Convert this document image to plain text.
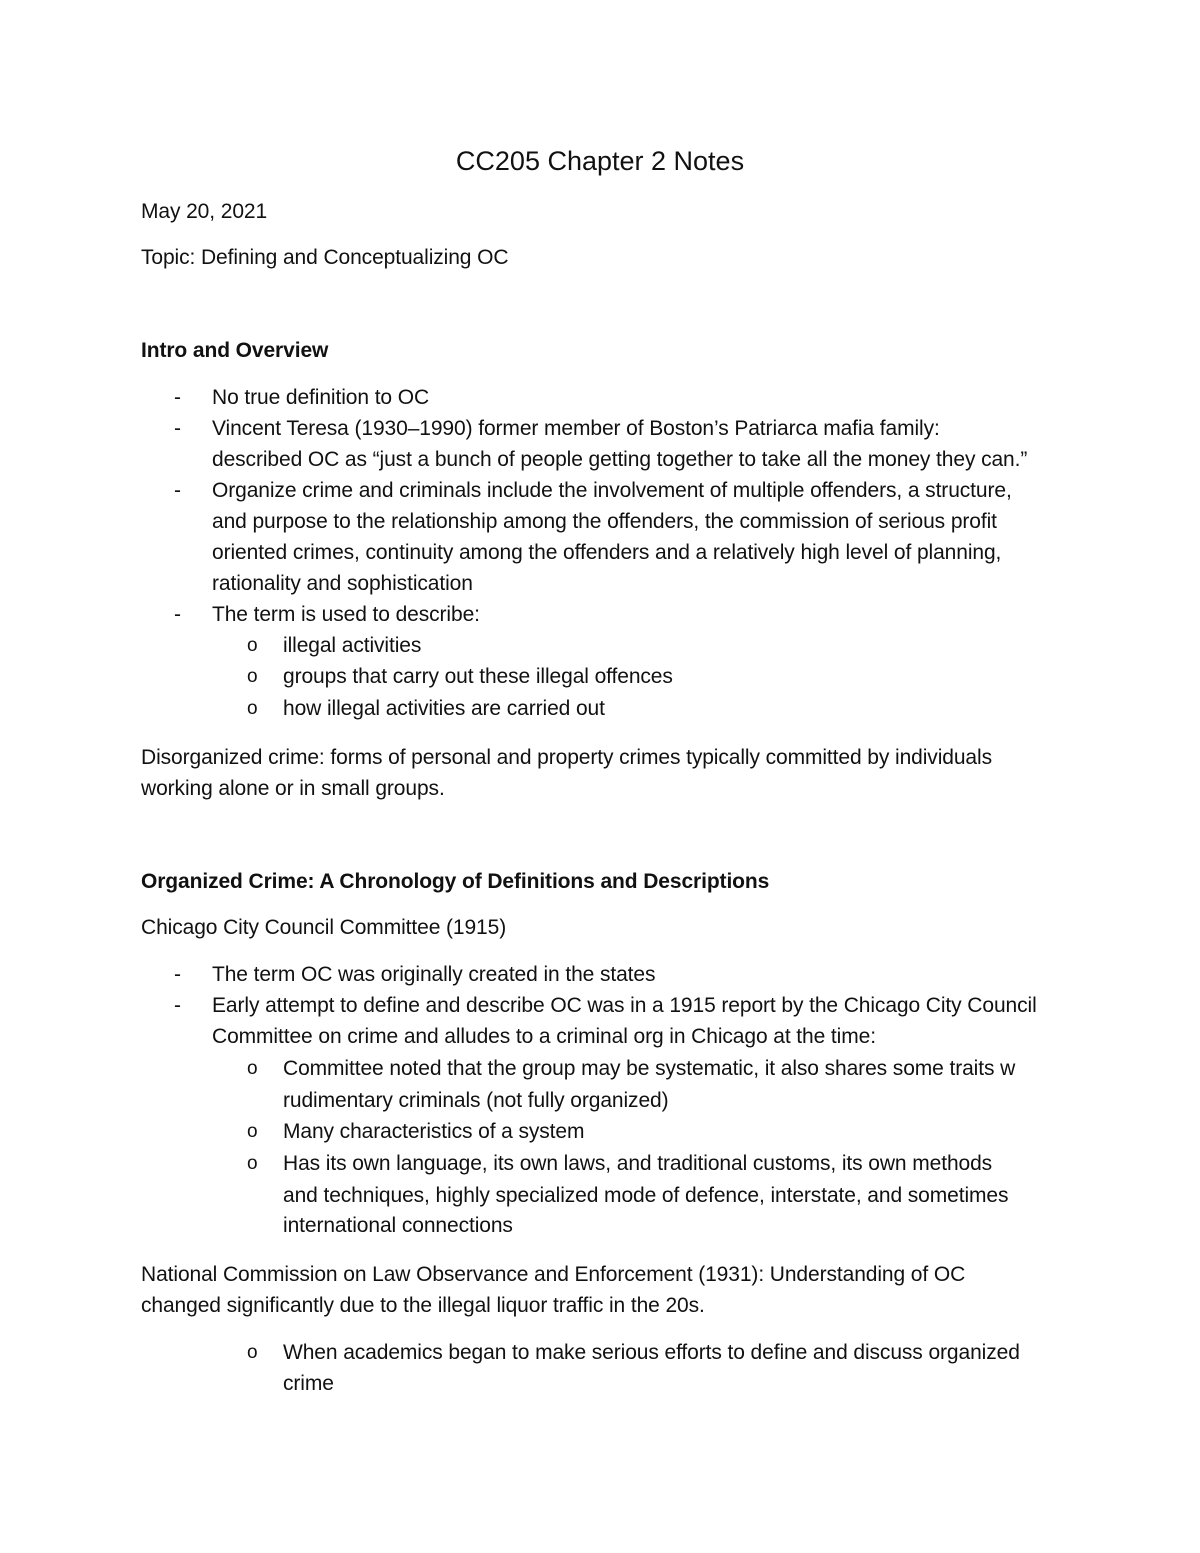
CC205 Chapter 2 Notes
May 20, 2021
Topic: Defining and Conceptualizing OC
Intro and Overview
- No true definition to OC
- Vincent Teresa (1930–1990) former member of Boston’s Patriarca mafia family:
described OC as “just a bunch of people getting together to take all the money they can.”
- Organize crime and criminals include the involvement of multiple offenders, a structure,
and purpose to the relationship among the offenders, the commission of serious profit
oriented crimes, continuity among the offenders and a relatively high level of planning,
rationality and sophistication
- The term is used to describe:
o illegal activities
o groups that carry out these illegal offences
o how illegal activities are carried out
Disorganized crime: forms of personal and property crimes typically committed by individuals
working alone or in small groups.
Organized Crime: A Chronology of Definitions and Descriptions
Chicago City Council Committee (1915)
- The term OC was originally created in the states
- Early attempt to define and describe OC was in a 1915 report by the Chicago City Council
Committee on crime and alludes to a criminal org in Chicago at the time:
o Committee noted that the group may be systematic, it also shares some traits w
rudimentary criminals (not fully organized)
o Many characteristics of a system
o Has its own language, its own laws, and traditional customs, its own methods
and techniques, highly specialized mode of defence, interstate, and sometimes
international connections
National Commission on Law Observance and Enforcement (1931): Understanding of OC
changed significantly due to the illegal liquor traffic in the 20s.
o When academics began to make serious efforts to define and discuss organized
crime
